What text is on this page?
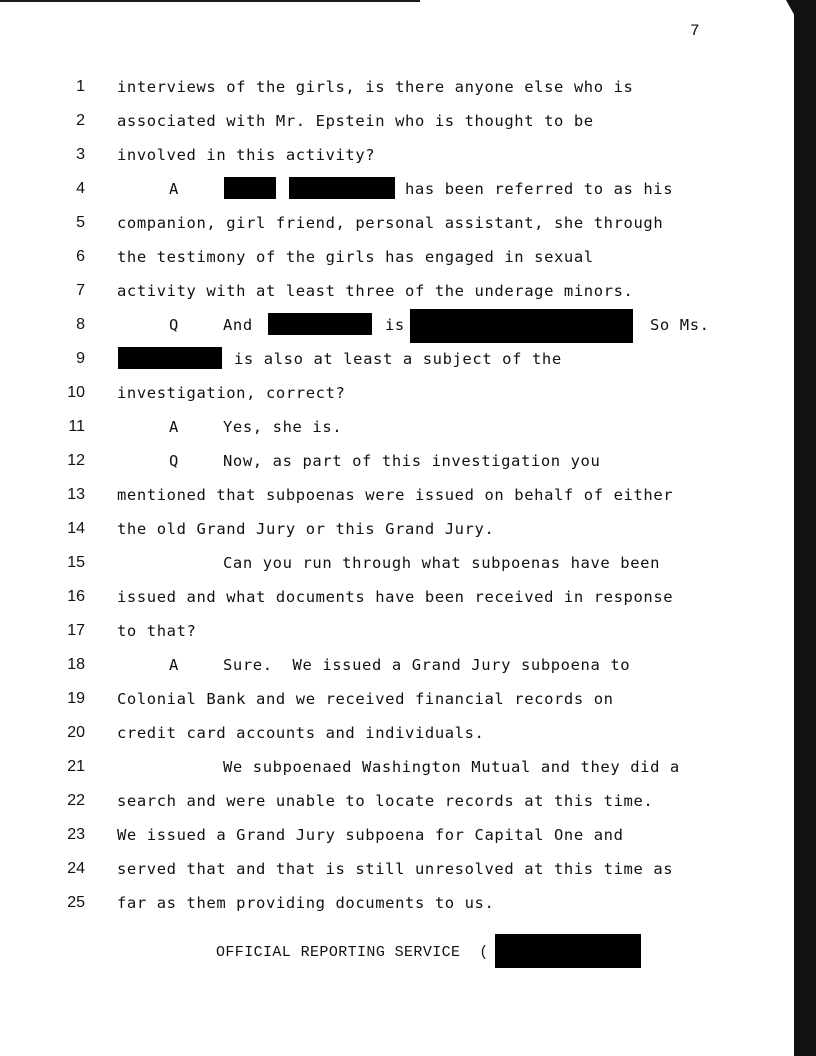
7
1
2
3
4
5
6
7
8
9
10
11
12
13
14
15
16
17
18
19
20
21
22
23
24
25
interviews of the girls, is there anyone else who is
associated with Mr. Epstein who is thought to be
involved in this activity?
A	has been referred to as his
companion, girl friend, personal assistant, she through
the testimony of the girls has engaged in sexual
activity with at least three of the underage minors.
Q	And	is	So Ms.
is also at least a subject of the
investigation, correct?
A	Yes, she is.
Q	Now, as part of this investigation you
mentioned that subpoenas were issued on behalf of either
the old Grand Jury or this Grand Jury.
Can you run through what subpoenas have been
issued and what documents have been received in response
to that?
A	Sure.  We issued a Grand Jury subpoena to
Colonial Bank and we received financial records on
credit card accounts and individuals.
We subpoenaed Washington Mutual and they did a
search and were unable to locate records at this time.
We issued a Grand Jury subpoena for Capital One and
served that and that is still unresolved at this time as
far as them providing documents to us.
OFFICIAL REPORTING SERVICE  (
